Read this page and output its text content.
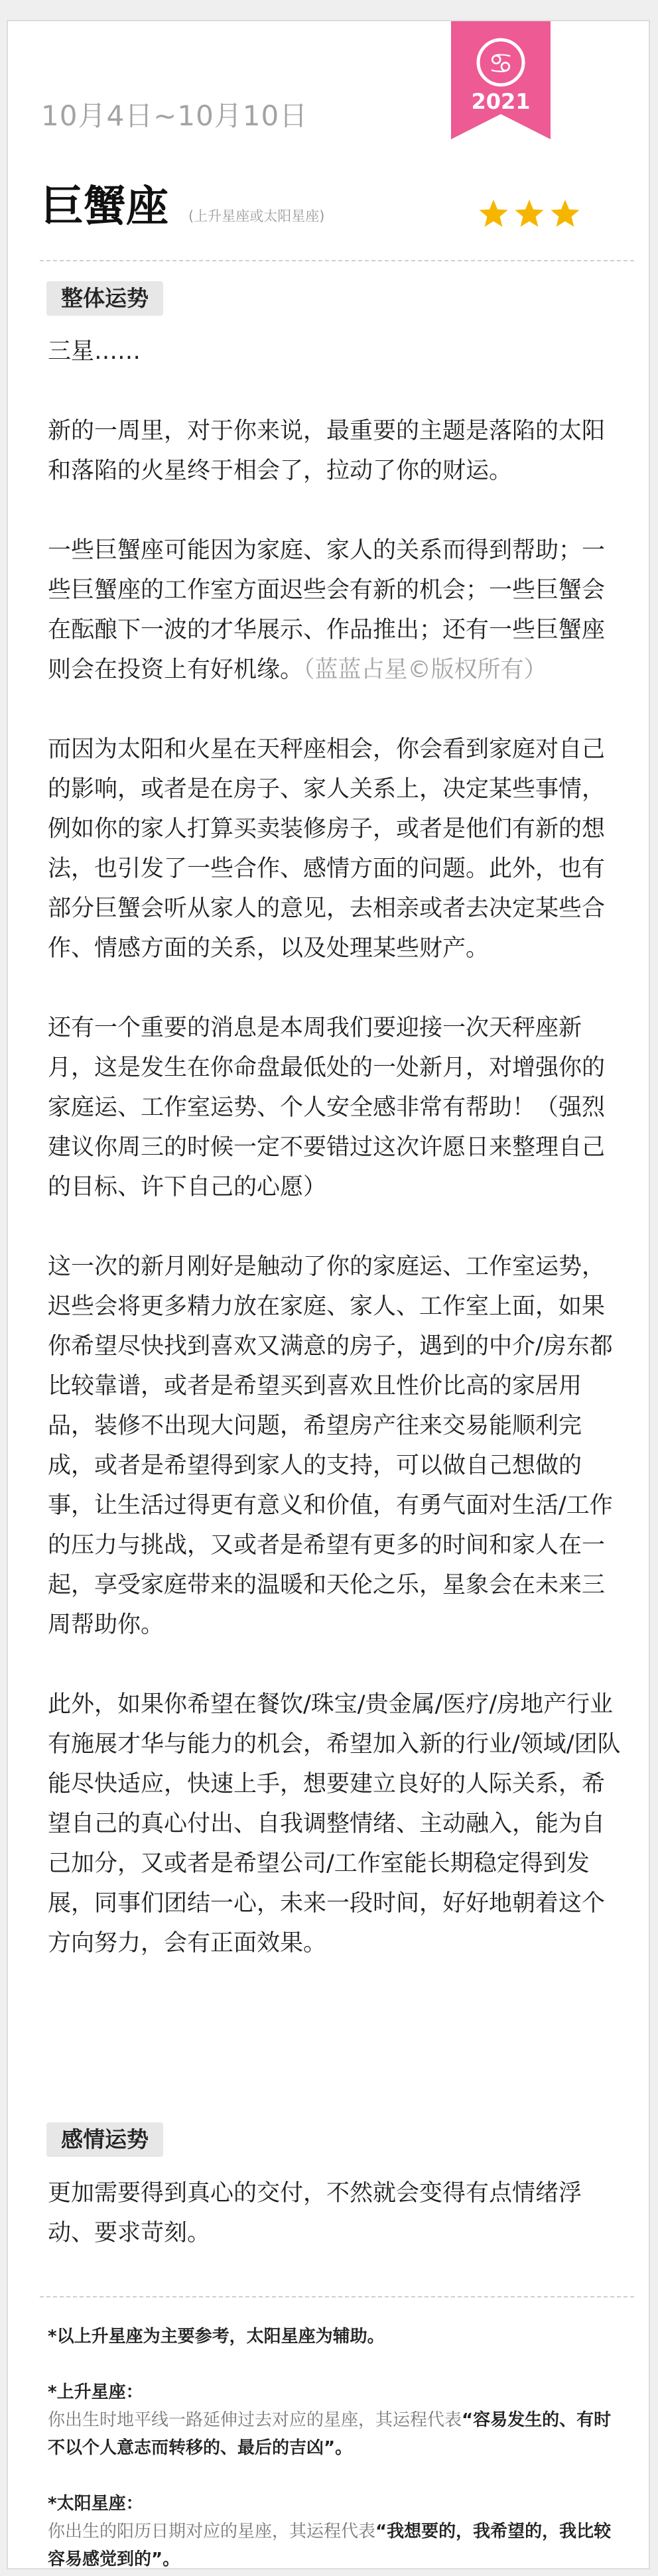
♋
2021
10月4日~10月10日
巨蟹座 (上升星座或太阳星座)
整体运势

三星……

新的一周里，对于你来说，最重要的主题是落陷的太阳和落陷的火星终于相会了，拉动了你的财运。

一些巨蟹座可能因为家庭、家人的关系而得到帮助；一些巨蟹座的工作室方面迟些会有新的机会；一些巨蟹会在酝酿下一波的才华展示、作品推出；还有一些巨蟹座则会在投资上有好机缘。（蓝蓝占星©版权所有）

而因为太阳和火星在天秤座相会，你会看到家庭对自己的影响，或者是在房子、家人关系上，决定某些事情，例如你的家人打算买卖装修房子，或者是他们有新的想法，也引发了一些合作、感情方面的问题。此外，也有部分巨蟹会听从家人的意见，去相亲或者去决定某些合作、情感方面的关系，以及处理某些财产。

还有一个重要的消息是本周我们要迎接一次天秤座新月，这是发生在你命盘最低处的一处新月，对增强你的家庭运、工作室运势、个人安全感非常有帮助！（强烈建议你周三的时候一定不要错过这次许愿日来整理自己的目标、许下自己的心愿）

这一次的新月刚好是触动了你的家庭运、工作室运势，迟些会将更多精力放在家庭、家人、工作室上面，如果你希望尽快找到喜欢又满意的房子，遇到的中介/房东都比较靠谱，或者是希望买到喜欢且性价比高的家居用品，装修不出现大问题，希望房产往来交易能顺利完成，或者是希望得到家人的支持，可以做自己想做的事，让生活过得更有意义和价值，有勇气面对生活/工作的压力与挑战，又或者是希望有更多的时间和家人在一起，享受家庭带来的温暖和天伦之乐，星象会在未来三周帮助你。

此外，如果你希望在餐饮/珠宝/贵金属/医疗/房地产行业有施展才华与能力的机会，希望加入新的行业/领域/团队能尽快适应，快速上手，想要建立良好的人际关系，希望自己的真心付出、自我调整情绪、主动融入，能为自己加分，又或者是希望公司/工作室能长期稳定得到发展，同事们团结一心，未来一段时间，好好地朝着这个方向努力，会有正面效果。

感情运势
更加需要得到真心的交付，不然就会变得有点情绪浮动、要求苛刻。
*以上升星座为主要参考，太阳星座为辅助。
*上升星座：
你出生时地平线一路延伸过去对应的星座，其运程代表“容易发生的、有时不以个人意志而转移的、最后的吉凶”。
*太阳星座：
你出生的阳历日期对应的星座，其运程代表“我想要的，我希望的，我比较容易感觉到的”。
